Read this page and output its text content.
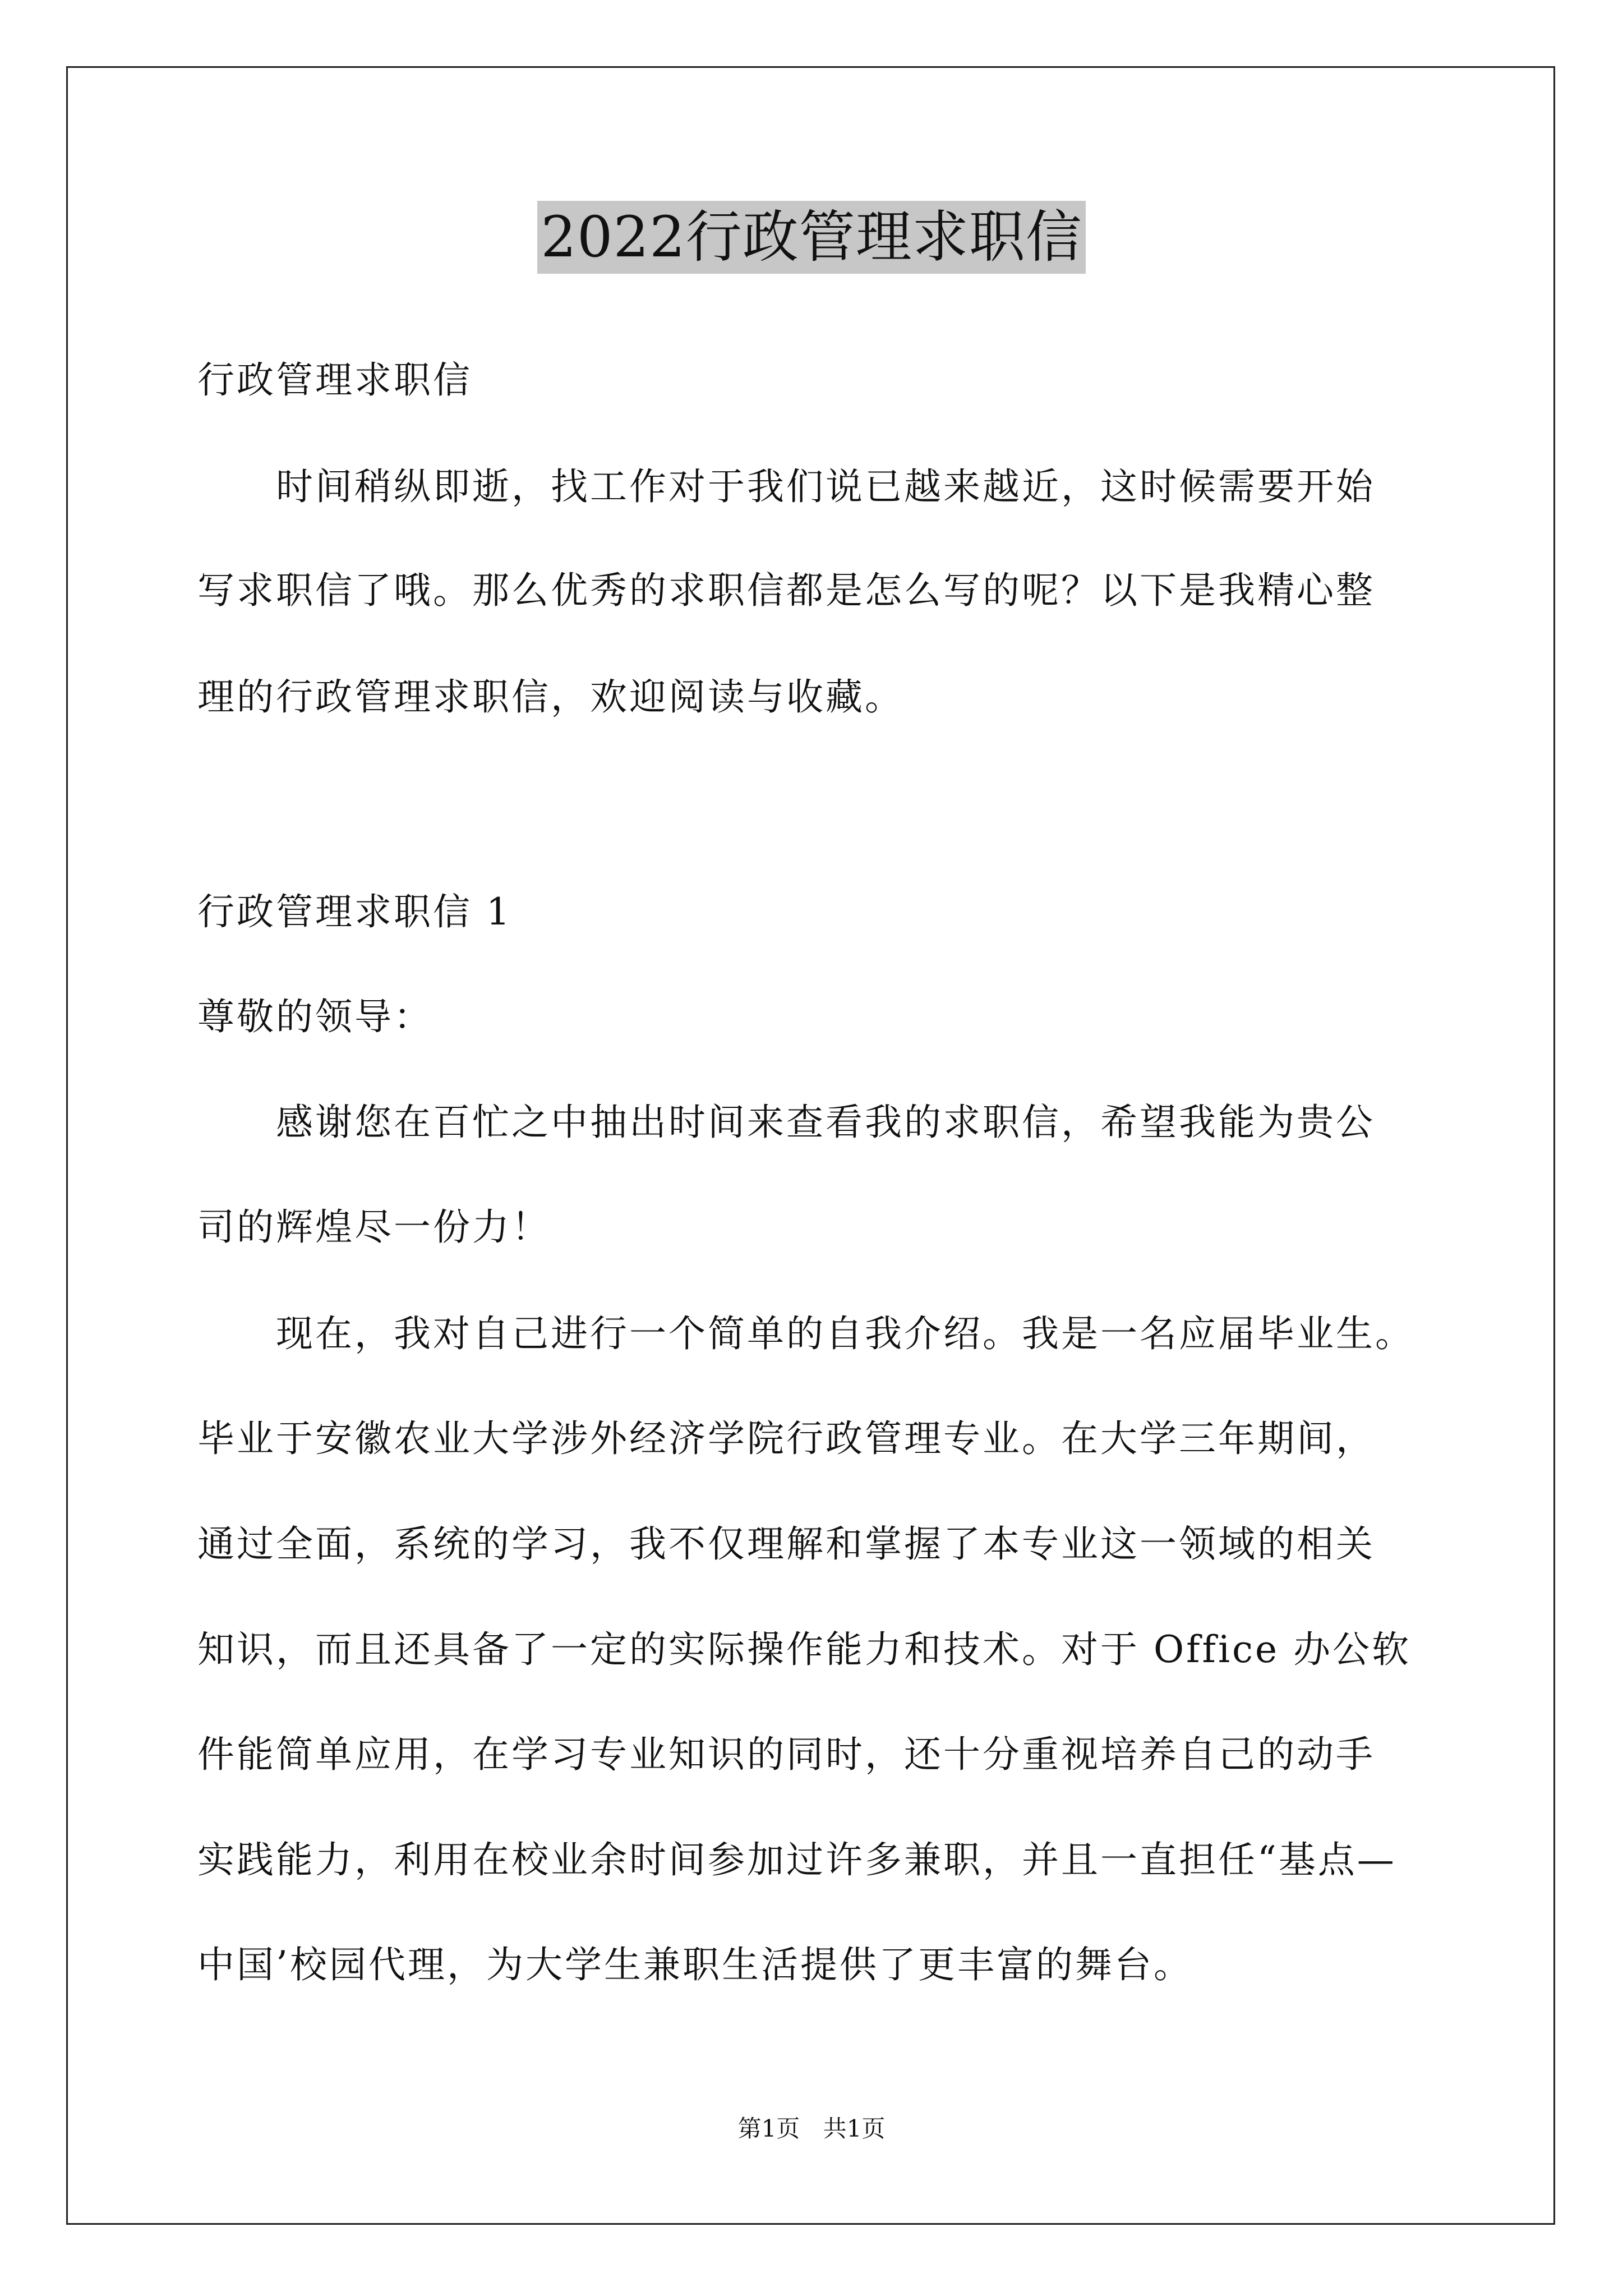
2022行政管理求职信
行政管理求职信
　　时间稍纵即逝，找工作对于我们说已越来越近，这时候需要开始
写求职信了哦。那么优秀的求职信都是怎么写的呢？以下是我精心整
理的行政管理求职信，欢迎阅读与收藏。
行政管理求职信 1
尊敬的领导：
　　感谢您在百忙之中抽出时间来查看我的求职信，希望我能为贵公
司的辉煌尽一份力！
　　现在，我对自己进行一个简单的自我介绍。我是一名应届毕业生。
毕业于安徽农业大学涉外经济学院行政管理专业。在大学三年期间，
通过全面，系统的学习，我不仅理解和掌握了本专业这一领域的相关
知识，而且还具备了一定的实际操作能力和技术。对于 Office 办公软
件能简单应用，在学习专业知识的同时，还十分重视培养自己的动手
实践能力，利用在校业余时间参加过许多兼职，并且一直担任“基点—
中国’校园代理，为大学生兼职生活提供了更丰富的舞台。
第1页 共1页
